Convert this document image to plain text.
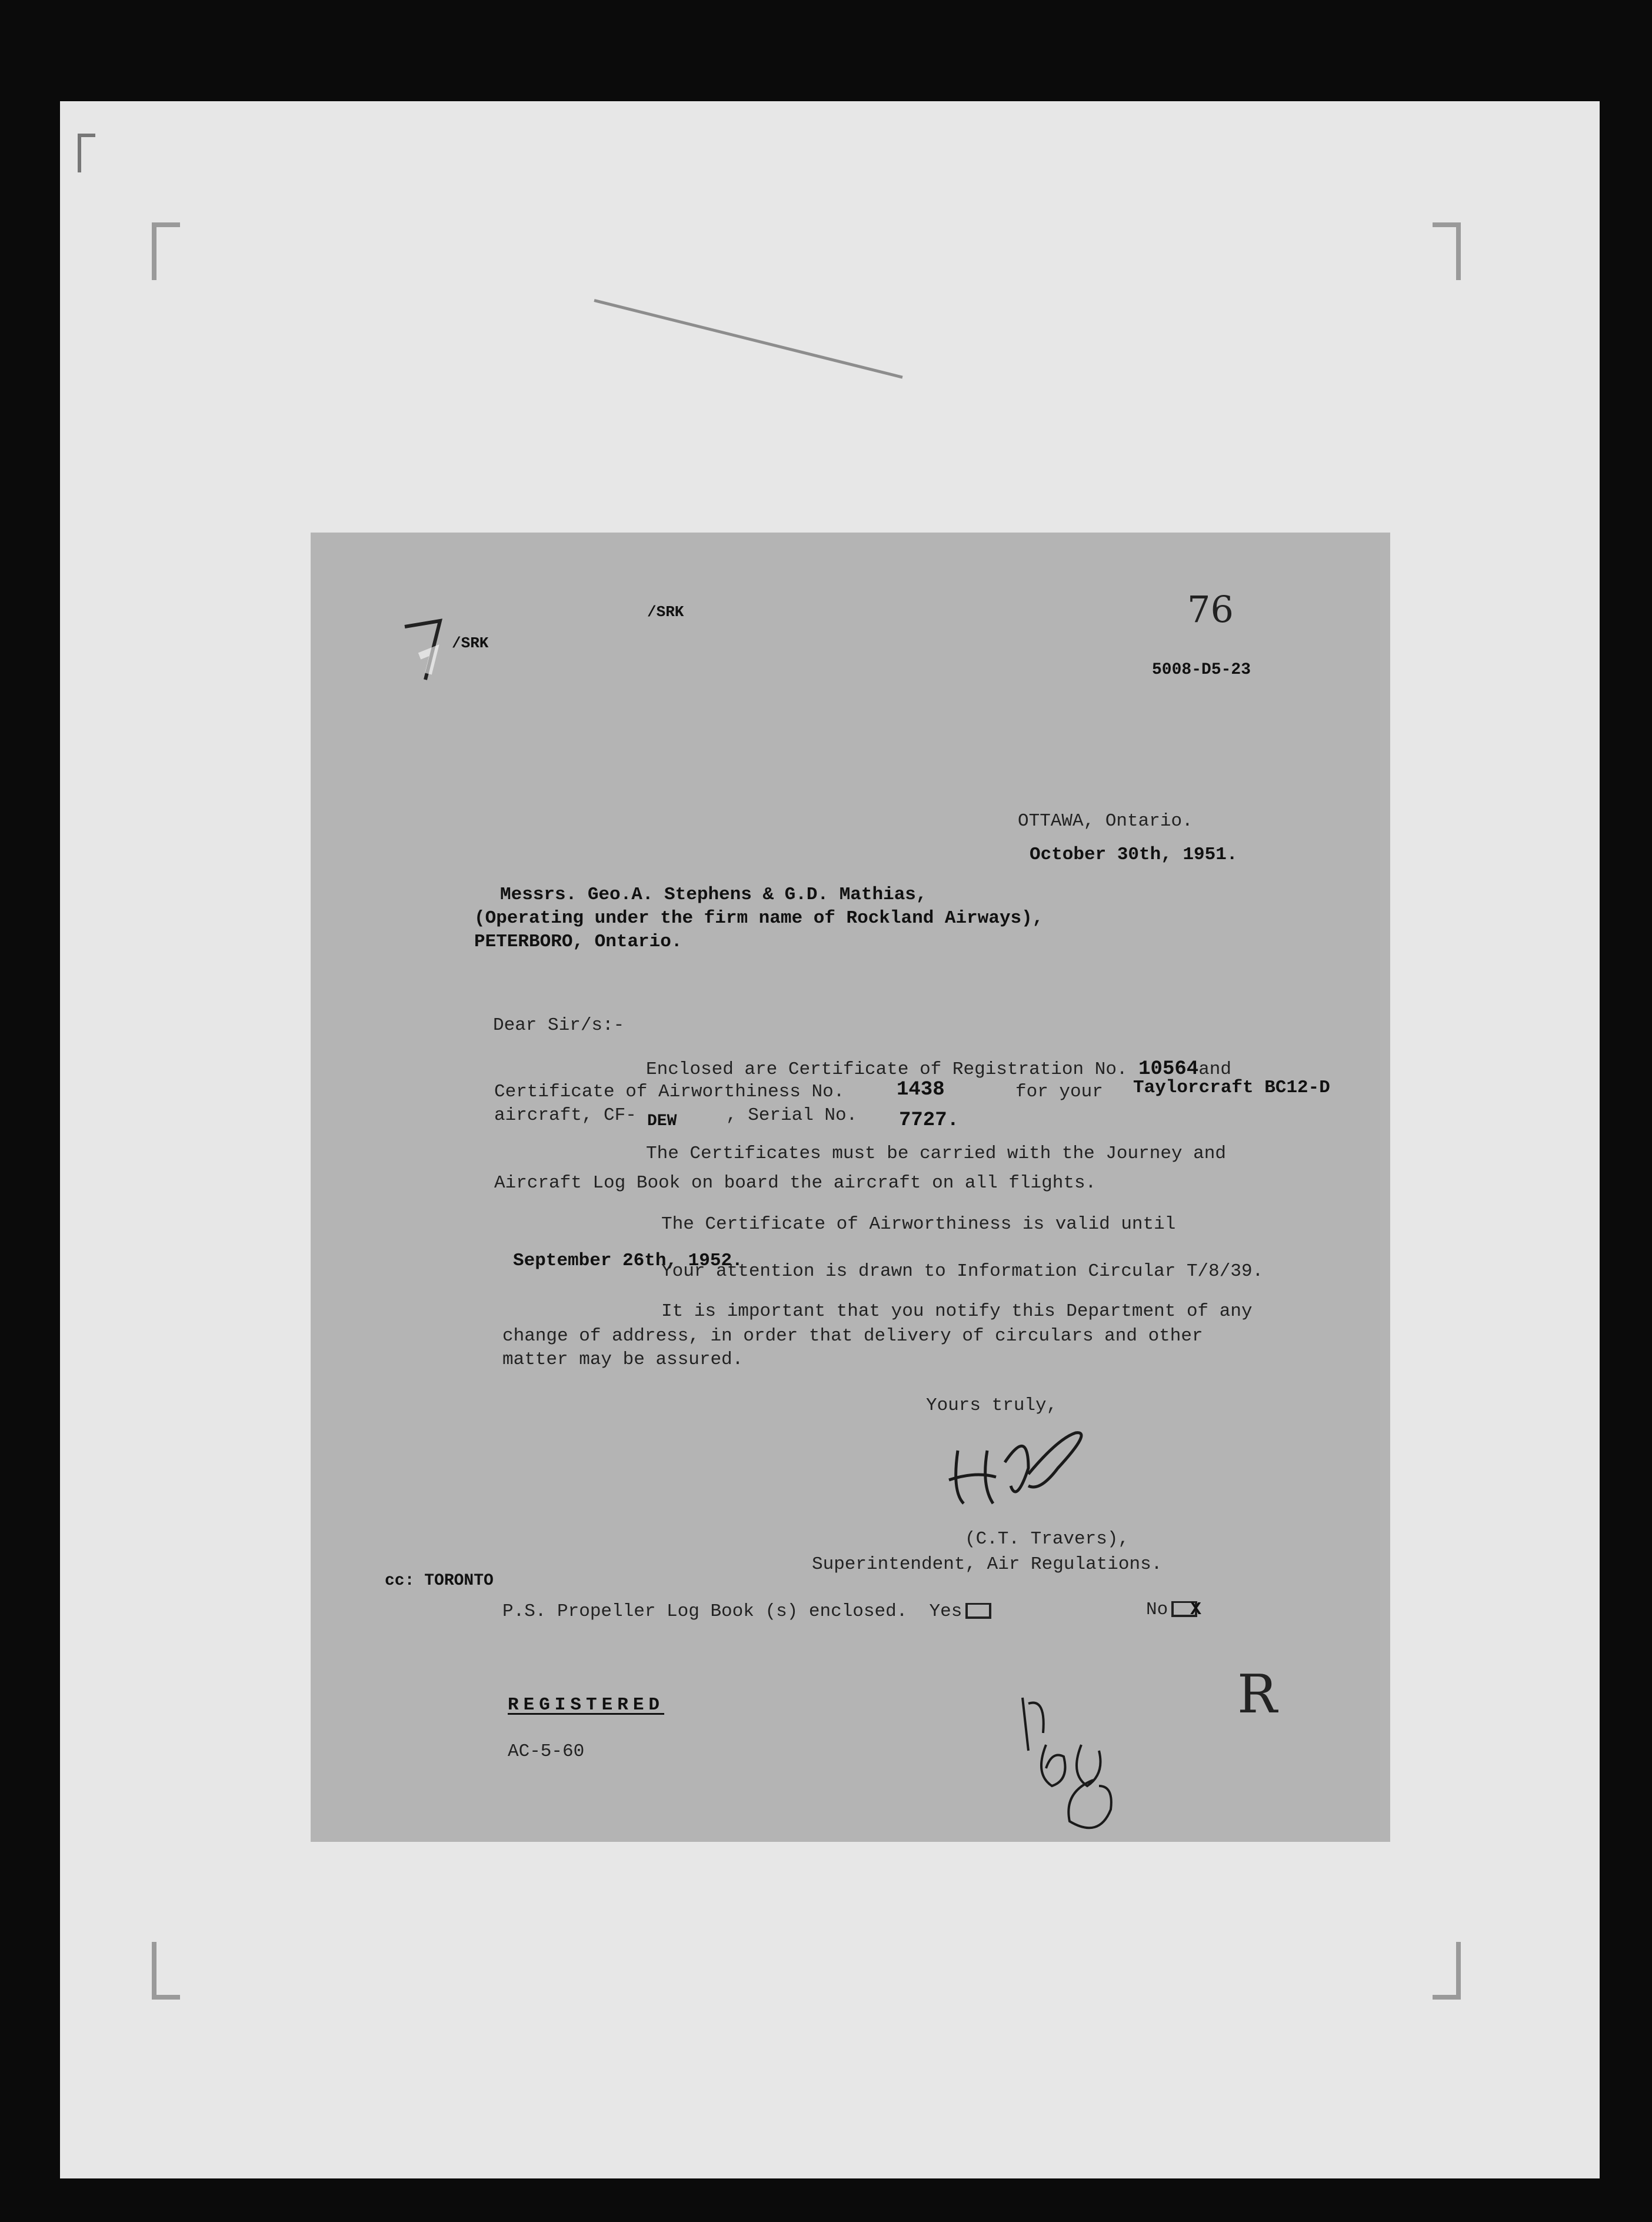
/SRK
/SRK	76
5008-D5-23
OTTAWA, Ontario.
October 30th, 1951.
Messrs. Geo.A. Stephens & G.D. Mathias,
(Operating under the firm name of Rockland Airways),
PETERBORO, Ontario.
Dear Sir/s:-
Enclosed are Certificate of Registration No. 10564and
Certificate of Airworthiness No.	1438	for your Taylorcraft BC12-D
aircraft, CF- DEW	, Serial No. 7727.
The Certificates must be carried with the Journey and
Aircraft Log Book on board the aircraft on all flights.
The Certificate of Airworthiness is valid until
September 26th, 1952.
Your attention is drawn to Information Circular T/8/39.
It is important that you notify this Department of any
change of address, in order that delivery of circulars and other
matter may be assured.
Yours truly,
(C.T. Travers),
Superintendent, Air Regulations.
cc: TORONTO
P.S. Propeller Log Book (s) enclosed. Yes	No X
REGISTERED
AC-5-60
R
